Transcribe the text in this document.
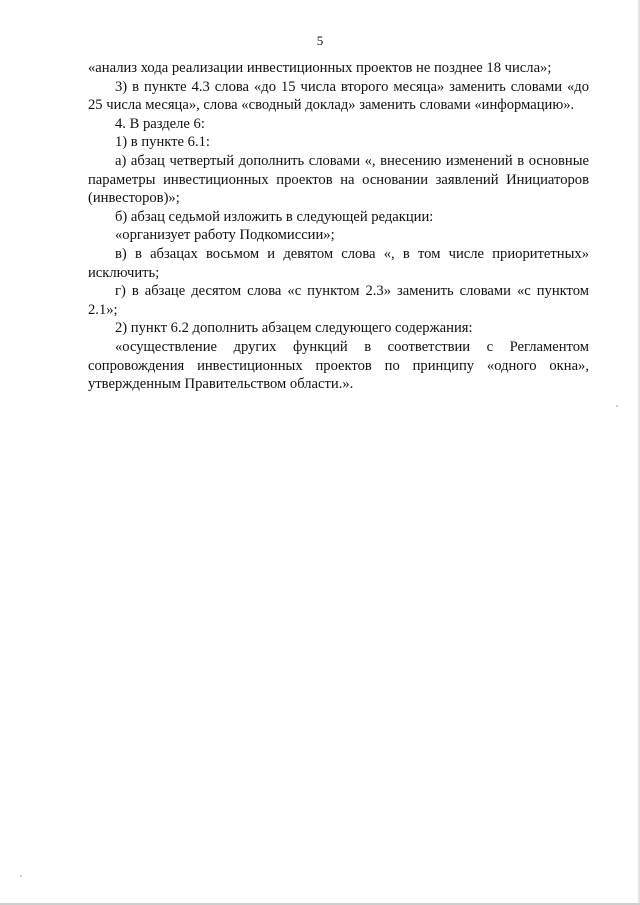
5

«анализ хода реализации инвестиционных проектов не позднее 18 числа»;

3) в пункте 4.3 слова «до 15 числа второго месяца» заменить словами «до 25 числа месяца», слова «сводный доклад» заменить словами «информацию».

4. В разделе 6:

1) в пункте 6.1:

а) абзац четвертый дополнить словами «, внесению изменений в основные параметры инвестиционных проектов на основании заявлений Инициаторов (инвесторов)»;

б) абзац седьмой изложить в следующей редакции:

«организует работу Подкомиссии»;

в) в абзацах восьмом и девятом слова «, в том числе приоритетных» исключить;

г) в абзаце десятом слова «с пунктом 2.3» заменить словами «с пунктом 2.1»;

2) пункт 6.2 дополнить абзацем следующего содержания:

«осуществление других функций в соответствии с Регламентом сопровождения инвестиционных проектов по принципу «одного окна», утвержденным Правительством области.».
